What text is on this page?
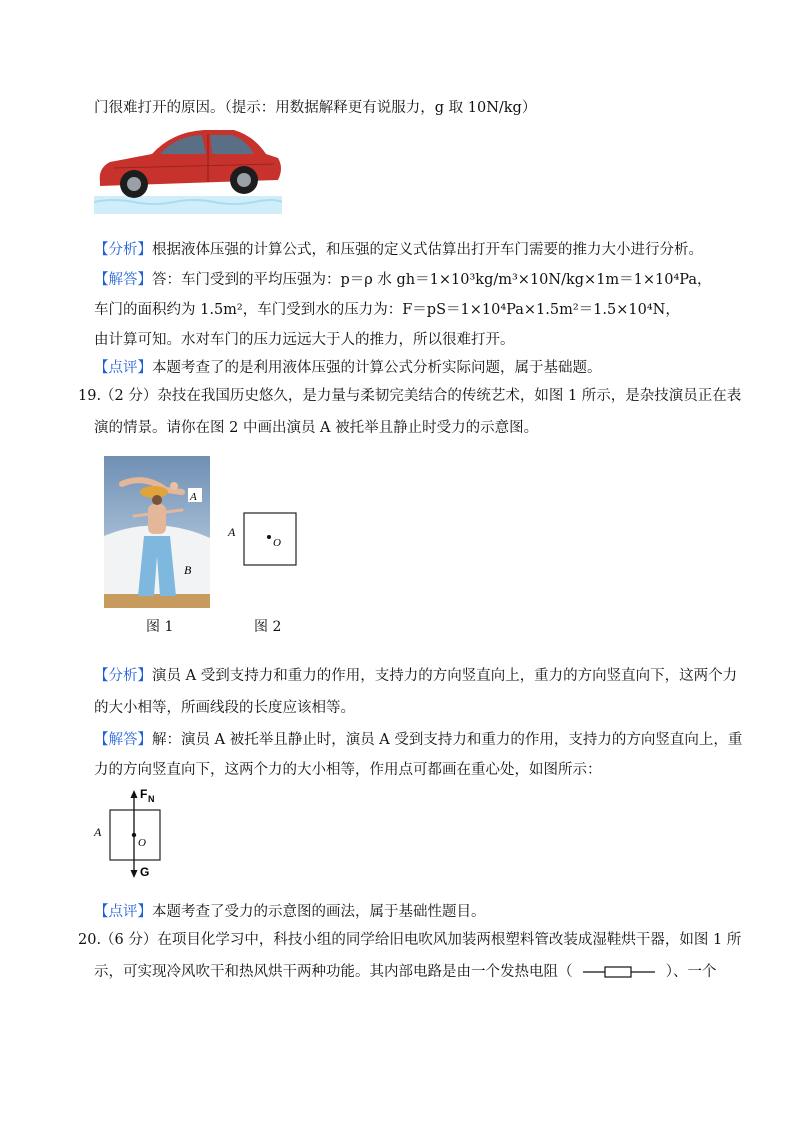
门很难打开的原因。（提示：用数据解释更有说服力，g 取 10N/kg）
【分析】根据液体压强的计算公式，和压强的定义式估算出打开车门需要的推力大小进行分析。
【解答】答：车门受到的平均压强为：p＝ρ 水 gh＝1×10³kg/m³×10N/kg×1m＝1×10⁴Pa，
车门的面积约为 1.5m²，车门受到水的压力为：F＝pS＝1×10⁴Pa×1.5m²＝1.5×10⁴N，
由计算可知。水对车门的压力远远大于人的推力，所以很难打开。
【点评】本题考查了的是利用液体压强的计算公式分析实际问题，属于基础题。
19.
（2 分）杂技在我国历史悠久，是力量与柔韧完美结合的传统艺术，如图 1 所示，是杂技演员正在表
演的情景。请你在图 2 中画出演员 A 被托举且静止时受力的示意图。
A
B
A
O
图 1	图 2
【分析】演员 A 受到支持力和重力的作用，支持力的方向竖直向上，重力的方向竖直向下，这两个力
的大小相等，所画线段的长度应该相等。
【解答】解：演员 A 被托举且静止时，演员 A 受到支持力和重力的作用，支持力的方向竖直向上，重
力的方向竖直向下，这两个力的大小相等，作用点可都画在重心处，如图所示：
F N
A
O
G
【点评】本题考查了受力的示意图的画法，属于基础性题目。
20.
（6 分）在项目化学习中，科技小组的同学给旧电吹风加装两根塑料管改装成湿鞋烘干器，如图 1 所
示，可实现冷风吹干和热风烘干两种功能。其内部电路是由一个发热电阻（	）、一个
